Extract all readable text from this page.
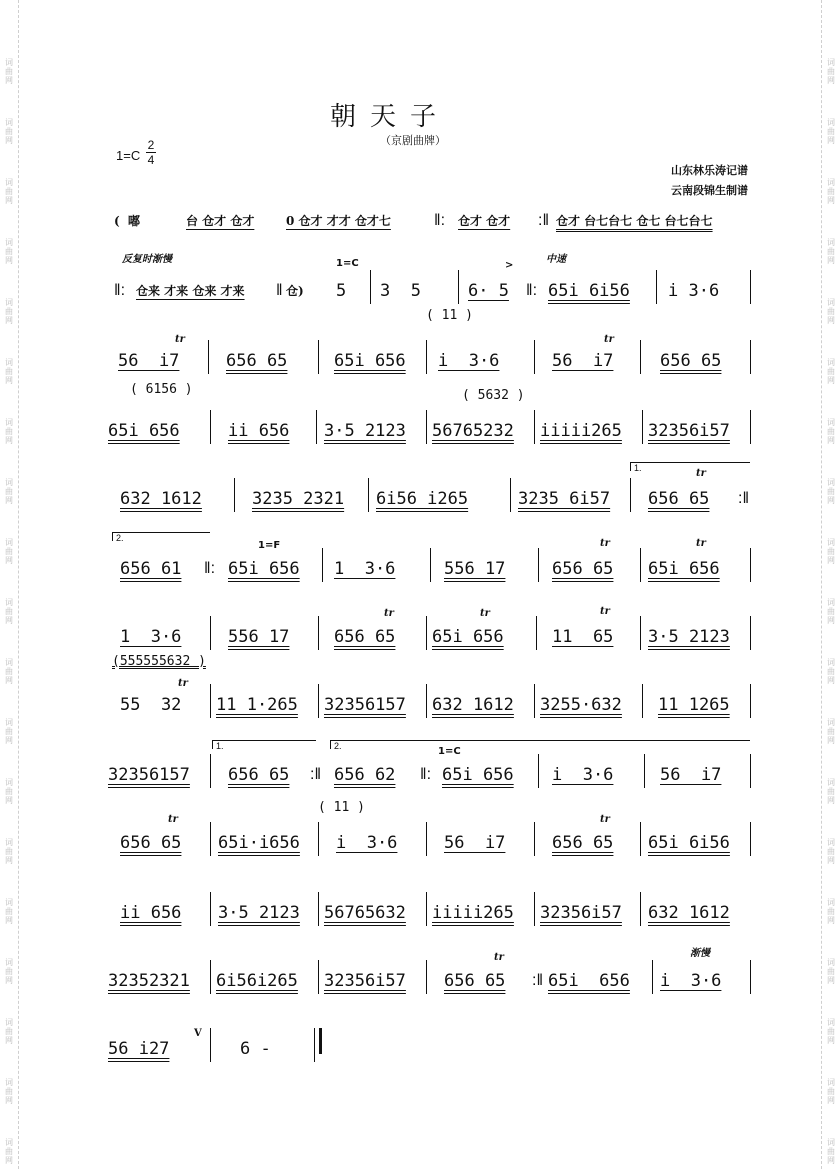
词曲网
词曲网
词曲网
词曲网
词曲网
词曲网
词曲网
词曲网
词曲网
词曲网
词曲网
词曲网
词曲网
词曲网
词曲网
词曲网
词曲网
词曲网
词曲网
词曲网
词曲网
词曲网
词曲网
词曲网
词曲网
词曲网
词曲网
词曲网
词曲网
词曲网
词曲网
词曲网
词曲网
词曲网
词曲网
词曲网
词曲网
词曲网
朝天子
（京剧曲牌）
1=C
2
4
山东林乐涛记谱
云南段锦生制谱
(  嘟	台 仓才 仓才	0 仓才 才才 仓才七	‖: 仓才 仓才 :‖ 仓才 台七台七 仓七 台七台七
反复时渐慢	中速
1=C	>
‖: 仓来 才来 仓来 才来 ‖ 仓) 5 3  5	6· 5 ‖: 65i 6i56 i 3·6
( 11 )
56  i7	656 65	65i 656 i  3·6	56  i7	656 65
tr	tr
( 6156 )	( 5632 )
65i 656	ii 656 3·5 2123 56765232 iiiii265 32356i57
1.	tr
632 1612	3235 2321 6i56 i265	3235 6i57 656 65 :‖
2.
1=F	tr	tr
656 61 ‖: 65i 656 1  3·6	556 17	656 65 65i 656
tr	tr	tr
1  3·6	556 17	656 65 65i 656	11  65 3·5 2123
(555555632 )
tr
55  32 11 1·265 32356157 632 1612 3255·632 11 1265
1.	2.	1=C
32356157 656 65 :‖ 656 62 ‖: 65i 656 i  3·6	56  i7
( 11 )
tr	tr
656 65 65i·i656 i  3·6	56  i7	656 65 65i 6i56
ii 656 3·5 2123 56765632 iiiii265 32356i57 632 1612
tr	渐慢
32352321 6i56i265 32356i57 656 65 :‖ 65i  656 i  3·6
56 i27
V
6 -
